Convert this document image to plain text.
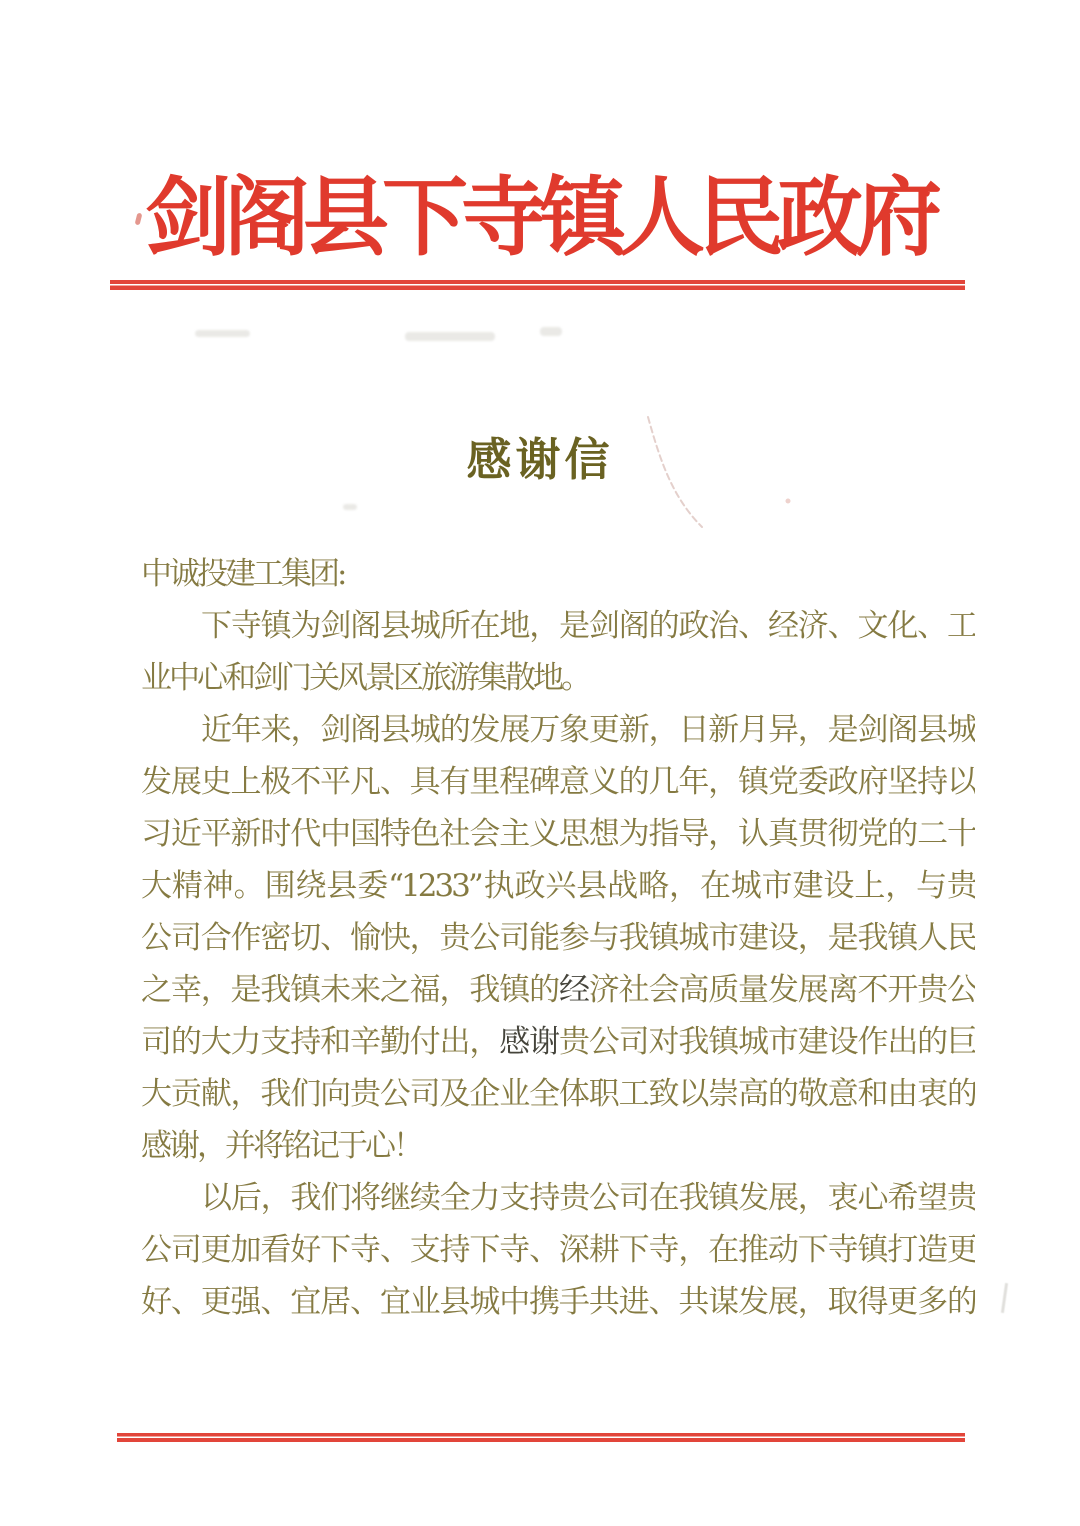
剑阁县下寺镇人民政府
感谢信
中诚投建工集团:
下寺镇为剑阁县城所在地，是剑阁的政治、经济、文化、工
业中心和剑门关风景区旅游集散地。
近年来，剑阁县城的发展万象更新，日新月异，是剑阁县城
发展史上极不平凡、具有里程碑意义的几年，镇党委政府坚持以
习近平新时代中国特色社会主义思想为指导，认真贯彻党的二十
大精神。围绕县委“1233”执政兴县战略，在城市建设上，与贵
公司合作密切、愉快，贵公司能参与我镇城市建设，是我镇人民
之幸，是我镇未来之福，我镇的经济社会高质量发展离不开贵公
司的大力支持和辛勤付出，感谢贵公司对我镇城市建设作出的巨
大贡献，我们向贵公司及企业全体职工致以崇高的敬意和由衷的
感谢，并将铭记于心！
以后，我们将继续全力支持贵公司在我镇发展，衷心希望贵
公司更加看好下寺、支持下寺、深耕下寺，在推动下寺镇打造更
好、更强、宜居、宜业县城中携手共进、共谋发展，取得更多的
